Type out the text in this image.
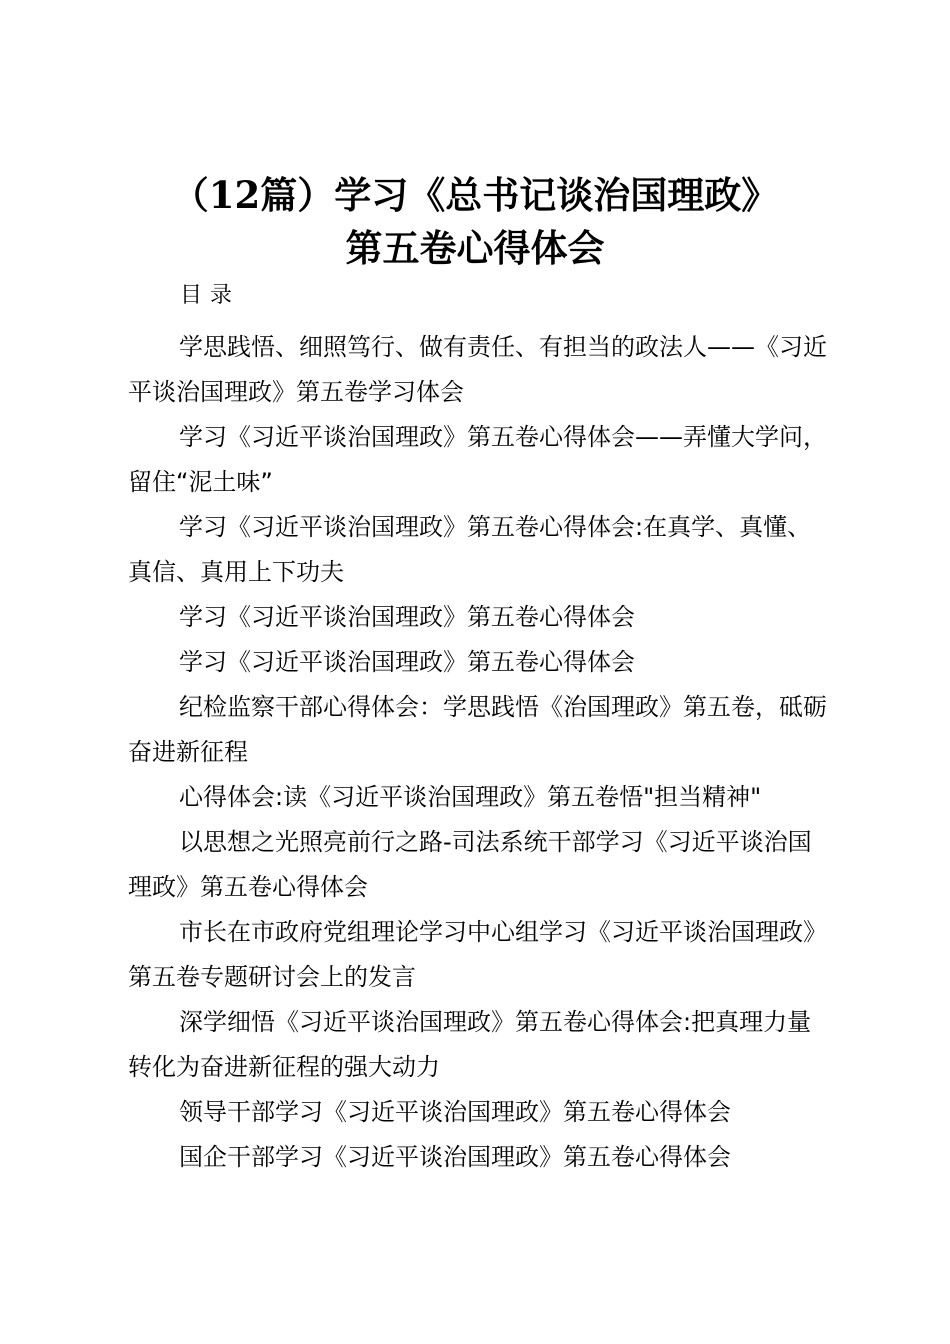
（12篇）学习《总书记谈治国理政》
第五卷心得体会
目录
学思践悟、细照笃行、做有责任、有担当的政法人——《习近平谈治国理政》第五卷学习体会
学习《习近平谈治国理政》第五卷心得体会——弄懂大学问，留住“泥土味”
学习《习近平谈治国理政》第五卷心得体会:在真学、真懂、真信、真用上下功夫
学习《习近平谈治国理政》第五卷心得体会
学习《习近平谈治国理政》第五卷心得体会
纪检监察干部心得体会：学思践悟《治国理政》第五卷，砥砺奋进新征程
心得体会:读《习近平谈治国理政》第五卷悟"担当精神"
以思想之光照亮前行之路-司法系统干部学习《习近平谈治国理政》第五卷心得体会
市长在市政府党组理论学习中心组学习《习近平谈治国理政》第五卷专题研讨会上的发言
深学细悟《习近平谈治国理政》第五卷心得体会:把真理力量转化为奋进新征程的强大动力
领导干部学习《习近平谈治国理政》第五卷心得体会
国企干部学习《习近平谈治国理政》第五卷心得体会
